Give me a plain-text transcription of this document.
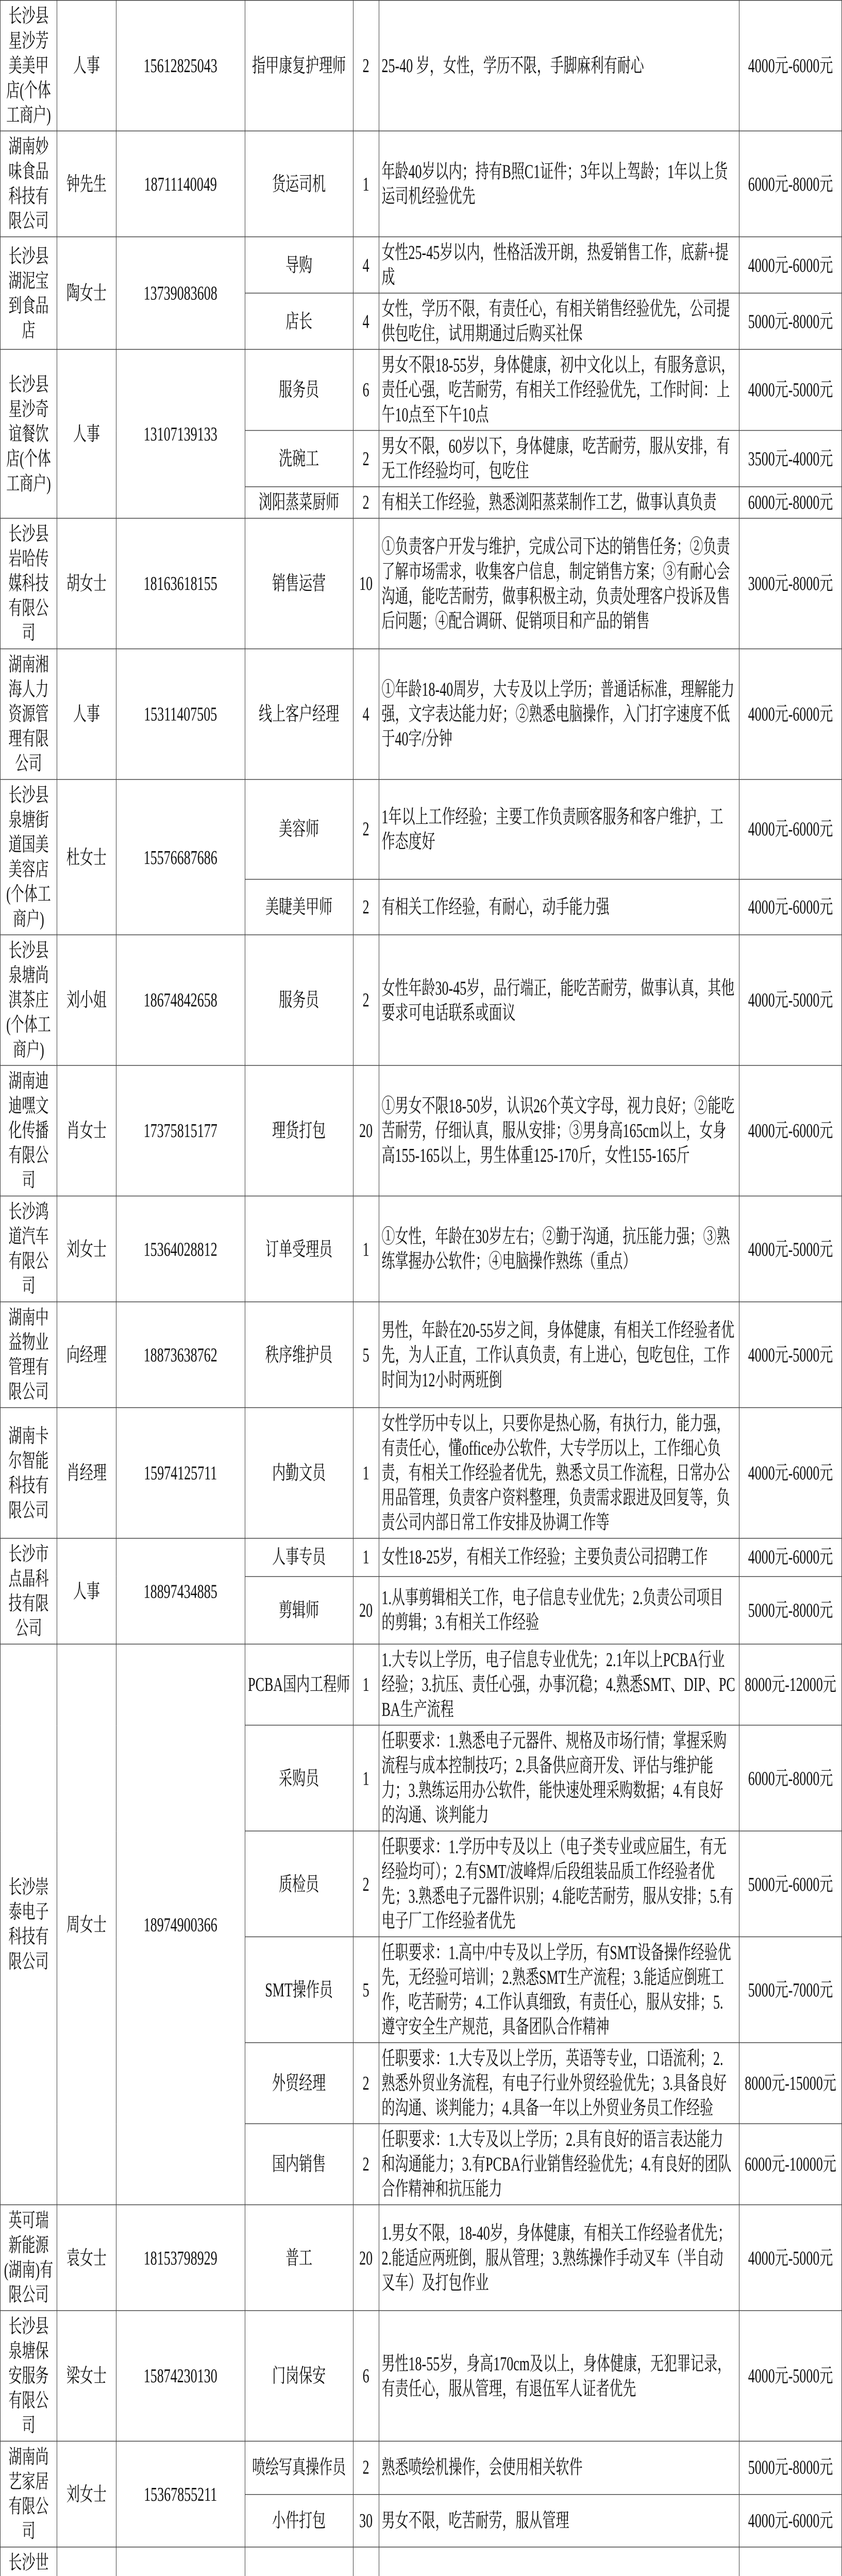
长沙县星沙芳美美甲店(个体工商户)	人事	15612825043	指甲康复护理师	2	25-40 岁，女性，学历不限，手脚麻利有耐心	4000元-6000元
湖南妙味食品科技有限公司	钟先生	18711140049	货运司机	1	年龄40岁以内；持有B照C1证件；3年以上驾龄；1年以上货运司机经验优先	6000元-8000元
长沙县湖泥宝到食品店	陶女士	13739083608	导购	4	女性25-45岁以内，性格活泼开朗，热爱销售工作，底薪+提成	4000元-6000元
			店长	4	女性，学历不限，有责任心，有相关销售经验优先，公司提供包吃住，试用期通过后购买社保	5000元-8000元
长沙县星沙奇谊餐饮店(个体工商户)	人事	13107139133	服务员	6	男女不限18-55岁，身体健康，初中文化以上，有服务意识，责任心强，吃苦耐劳，有相关工作经验优先，工作时间：上午10点至下午10点	4000元-5000元
			洗碗工	2	男女不限，60岁以下，身体健康，吃苦耐劳，服从安排，有无工作经验均可，包吃住	3500元-4000元
			浏阳蒸菜厨师	2	有相关工作经验，熟悉浏阳蒸菜制作工艺，做事认真负责	6000元-8000元
长沙县岩哈传媒科技有限公司	胡女士	18163618155	销售运营	10	①负责客户开发与维护，完成公司下达的销售任务；②负责了解市场需求，收集客户信息，制定销售方案；③有耐心会沟通，能吃苦耐劳，做事积极主动，负责处理客户投诉及售后问题；④配合调研、促销项目和产品的销售	3000元-8000元
湖南湘海人力资源管理有限公司	人事	15311407505	线上客户经理	4	①年龄18-40周岁，大专及以上学历；普通话标准，理解能力强，文字表达能力好；②熟悉电脑操作，入门打字速度不低于40字/分钟	4000元-6000元
长沙县泉塘街道国美美容店(个体工商户)	杜女士	15576687686	美容师	2	1年以上工作经验；主要工作负责顾客服务和客户维护，工作态度好	4000元-6000元
			美睫美甲师	2	有相关工作经验，有耐心，动手能力强	4000元-6000元
长沙县泉塘尚淇茶庄(个体工商户)	刘小姐	18674842658	服务员	2	女性年龄30-45岁，品行端正，能吃苦耐劳，做事认真，其他要求可电话联系或面议	4000元-5000元
湖南迪迪嘿文化传播有限公司	肖女士	17375815177	理货打包	20	①男女不限18-50岁，认识26个英文字母，视力良好；②能吃苦耐劳，仔细认真，服从安排；③男身高165cm以上，女身高155-165以上，男生体重125-170斤，女性155-165斤	4000元-6000元
长沙鸿道汽车有限公司	刘女士	15364028812	订单受理员	1	①女性，年龄在30岁左右；②勤于沟通，抗压能力强；③熟练掌握办公软件；④电脑操作熟练（重点）	4000元-5000元
湖南中益物业管理有限公司	向经理	18873638762	秩序维护员	5	男性，年龄在20-55岁之间，身体健康，有相关工作经验者优先，为人正直，工作认真负责，有上进心，包吃包住，工作时间为12小时两班倒	4000元-5000元
湖南卡尔智能科技有限公司	肖经理	15974125711	内勤文员	1	女性学历中专以上，只要你是热心肠，有执行力，能力强，有责任心，懂office办公软件，大专学历以上，工作细心负责，有相关工作经验者优先，熟悉文员工作流程，日常办公用品管理，负责客户资料整理，负责需求跟进及回复等，负责公司内部日常工作安排及协调工作等	4000元-6000元
长沙市点晶科技有限公司	人事	18897434885	人事专员	1	女性18-25岁，有相关工作经验；主要负责公司招聘工作	4000元-6000元
			剪辑师	20	1.从事剪辑相关工作，电子信息专业优先；2.负责公司项目的剪辑；3.有相关工作经验	5000元-8000元
长沙崇泰电子科技有限公司	周女士	18974900366	PCBA国内工程师	1	1.大专以上学历，电子信息专业优先；2.1年以上PCBA行业经验；3.抗压、责任心强，办事沉稳；4.熟悉SMT、DIP、PCBA生产流程	8000元-12000元
			采购员	1	任职要求：1.熟悉电子元器件、规格及市场行情；掌握采购流程与成本控制技巧；2.具备供应商开发、评估与维护能力；3.熟练运用办公软件，能快速处理采购数据；4.有良好的沟通、谈判能力	6000元-8000元
			质检员	2	任职要求：1.学历中专及以上（电子类专业或应届生，有无经验均可）；2.有SMT/波峰焊/后段组装品质工作经验者优先；3.熟悉电子元器件识别；4.能吃苦耐劳，服从安排；5.有电子厂工作经验者优先	5000元-6000元
			SMT操作员	5	任职要求：1.高中/中专及以上学历，有SMT设备操作经验优先，无经验可培训；2.熟悉SMT生产流程；3.能适应倒班工作，吃苦耐劳；4.工作认真细致，有责任心，服从安排；5.遵守安全生产规范，具备团队合作精神	5000元-7000元
			外贸经理	2	任职要求：1.大专及以上学历，英语等专业，口语流利；2.熟悉外贸业务流程，有电子行业外贸经验优先；3.具备良好的沟通、谈判能力；4.具备一年以上外贸业务员工作经验	8000元-15000元
			国内销售	2	任职要求：1.大专及以上学历；2.具有良好的语言表达能力和沟通能力；3.有PCBA行业销售经验优先；4.有良好的团队合作精神和抗压能力	6000元-10000元
英可瑞新能源(湖南)有限公司	袁女士	18153798929	普工	20	1.男女不限，18-40岁，身体健康，有相关工作经验者优先；2.能适应两班倒，服从管理；3.熟练操作手动叉车（半自动叉车）及打包作业	4000元-5000元
长沙县泉塘保安服务有限公司	梁女士	15874230130	门岗保安	6	男性18-55岁，身高170cm及以上，身体健康，无犯罪记录，有责任心，服从管理，有退伍军人证者优先	4000元-5000元
湖南尚艺家居有限公司	刘女士	15367855211	喷绘写真操作员	2	熟悉喷绘机操作，会使用相关软件	5000元-8000元
			小件打包	30	男女不限，吃苦耐劳，服从管理	4000元-6000元
长沙世						
